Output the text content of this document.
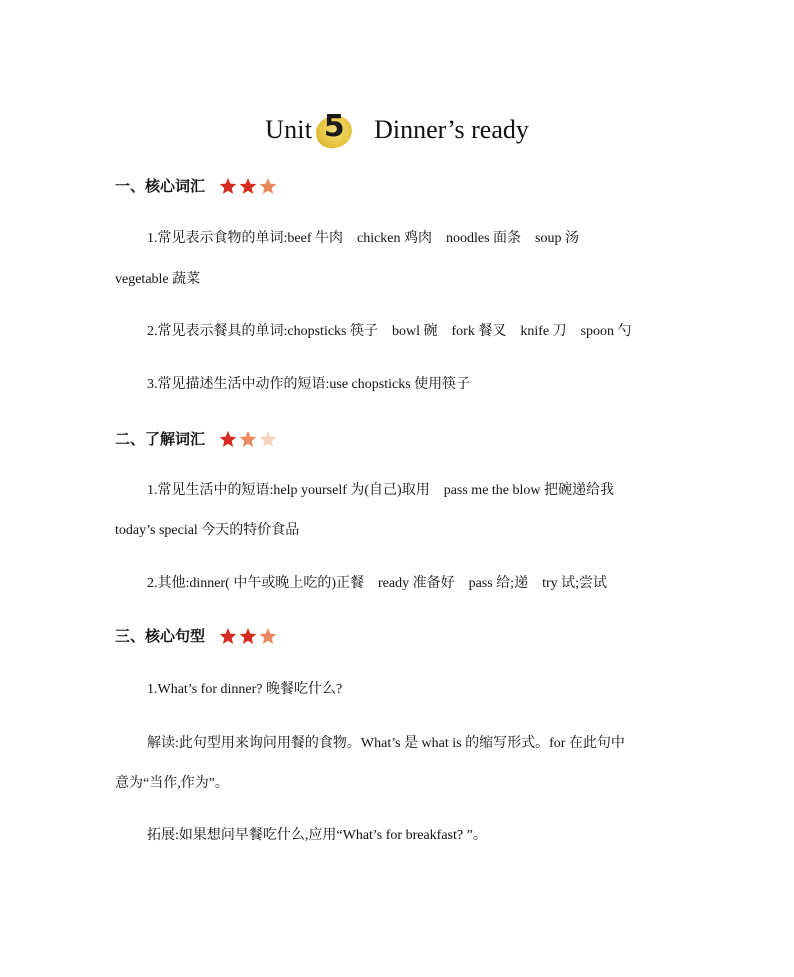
Unit 5 Dinner’s ready
一、核心词汇
1.常见表示食物的单词:beef 牛肉　chicken 鸡肉　noodles 面条　soup 汤
vegetable 蔬菜
2.常见表示餐具的单词:chopsticks 筷子　bowl 碗　fork 餐叉　knife 刀　spoon 勺
3.常见描述生活中动作的短语:use chopsticks 使用筷子
二、了解词汇
1.常见生活中的短语:help yourself 为(自己)取用　pass me the blow 把碗递给我
today’s special 今天的特价食品
2.其他:dinner( 中午或晚上吃的)正餐　ready 准备好　pass 给;递　try 试;尝试
三、核心句型
1.What’s for dinner? 晚餐吃什么?
解读:此句型用来询问用餐的食物。What’s 是 what is 的缩写形式。for 在此句中
意为“当作,作为”。
拓展:如果想问早餐吃什么,应用“What’s for breakfast? ”。
